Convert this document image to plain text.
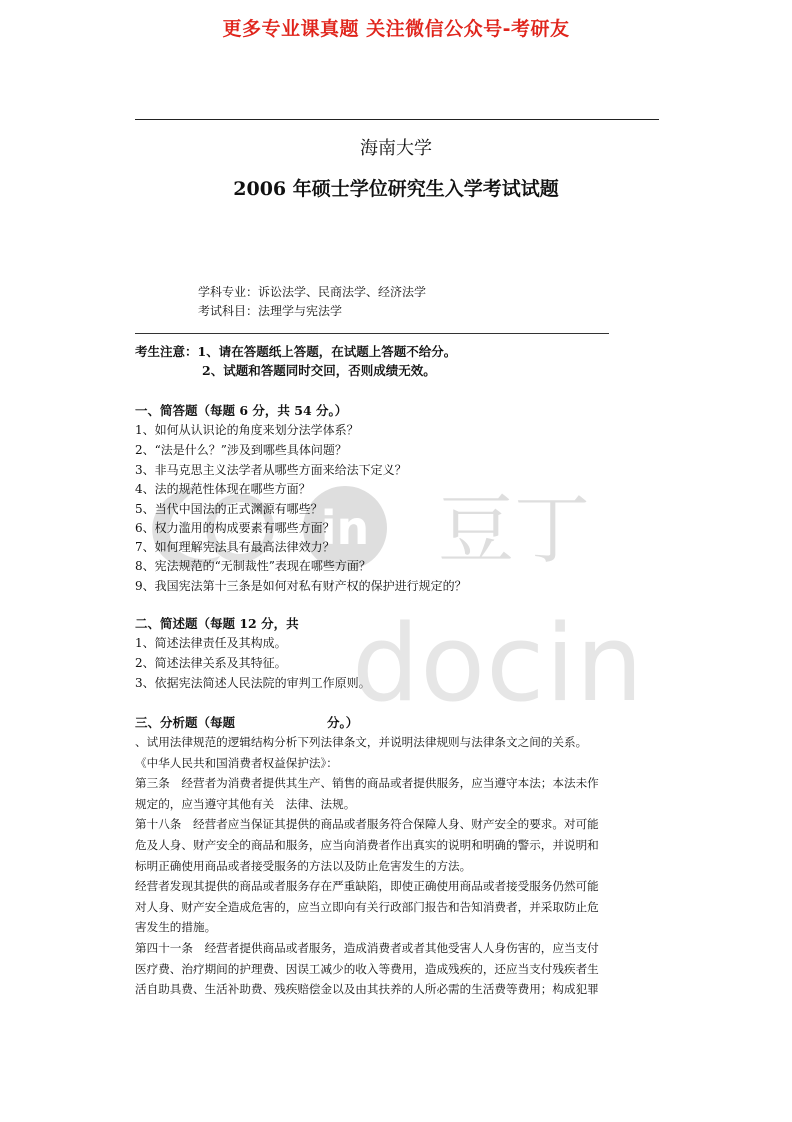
更多专业课真题 关注微信公众号-考研友
海南大学
2006 年硕士学位研究生入学考试试题
学科专业：诉讼法学、民商法学、经济法学
考试科目：法理学与宪法学
考生注意：1、请在答题纸上答题，在试题上答题不给分。
2、试题和答题同时交回，否则成绩无效。
in 豆丁
一、简答题（每题 6 分，共 54 分。）
1、如何从认识论的角度来划分法学体系？
2、“法是什么？”涉及到哪些具体问题？
3、非马克思主义法学者从哪些方面来给法下定义？
4、法的规范性体现在哪些方面？
5、当代中国法的正式渊源有哪些？
6、权力滥用的构成要素有哪些方面？
7、如何理解宪法具有最高法律效力？
8、宪法规范的“无制裁性”表现在哪些方面？
9、我国宪法第十三条是如何对私有财产权的保护进行规定的？
二、简述题（每题 12 分，共
1、简述法律责任及其构成。
2、简述法律关系及其特征。
3、依据宪法简述人民法院的审判工作原则。
三、分析题（每题	分。）
、试用法律规范的逻辑结构分析下列法律条文，并说明法律规则与法律条文之间的关系。
《中华人民共和国消费者权益保护法》：
第三条　经营者为消费者提供其生产、销售的商品或者提供服务，应当遵守本法；本法未作
规定的，应当遵守其他有关　法律、法规。
第十八条　经营者应当保证其提供的商品或者服务符合保障人身、财产安全的要求。对可能
危及人身、财产安全的商品和服务，应当向消费者作出真实的说明和明确的警示，并说明和
标明正确使用商品或者接受服务的方法以及防止危害发生的方法。
经营者发现其提供的商品或者服务存在严重缺陷，即使正确使用商品或者接受服务仍然可能
对人身、财产安全造成危害的，应当立即向有关行政部门报告和告知消费者，并采取防止危
害发生的措施。
第四十一条　经营者提供商品或者服务，造成消费者或者其他受害人人身伤害的，应当支付
医疗费、治疗期间的护理费、因误工减少的收入等费用，造成残疾的，还应当支付残疾者生
活自助具费、生活补助费、残疾赔偿金以及由其扶养的人所必需的生活费等费用；构成犯罪
docin
